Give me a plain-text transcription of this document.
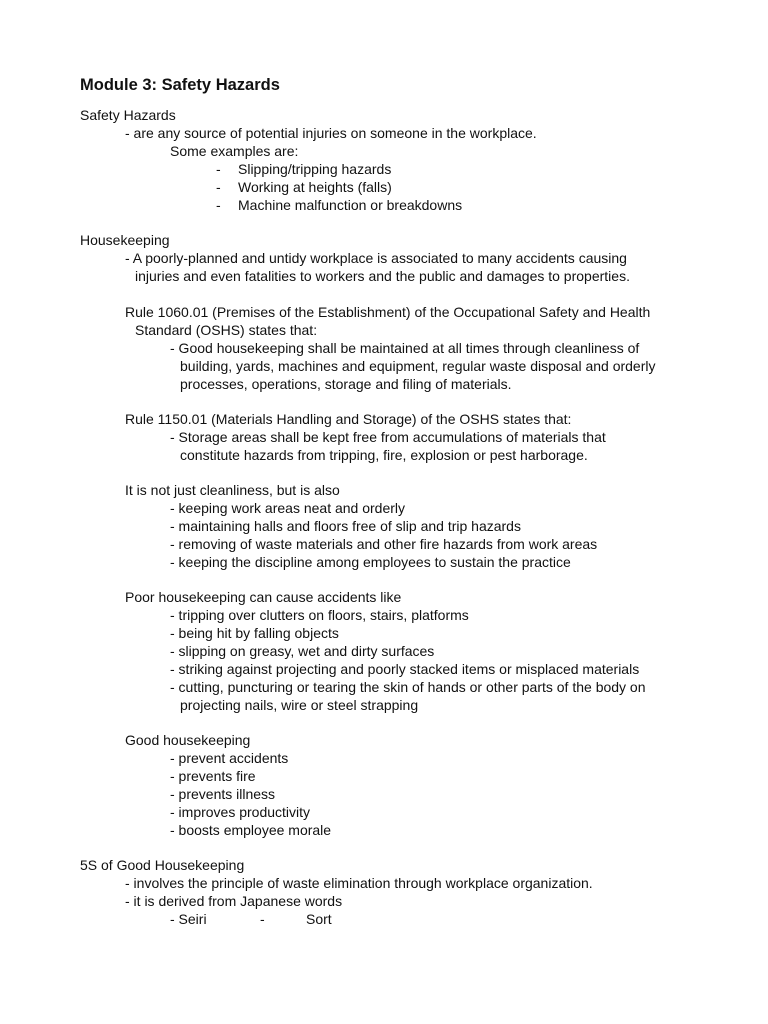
Module 3: Safety Hazards
Safety Hazards
- are any source of potential injuries on someone in the workplace.
Some examples are:
- Slipping/tripping hazards
- Working at heights (falls)
- Machine malfunction or breakdowns
Housekeeping
- A poorly-planned and untidy workplace is associated to many accidents causing
injuries and even fatalities to workers and the public and damages to properties.
Rule 1060.01 (Premises of the Establishment) of the Occupational Safety and Health
Standard (OSHS) states that:
- Good housekeeping shall be maintained at all times through cleanliness of
building, yards, machines and equipment, regular waste disposal and orderly
processes, operations, storage and filing of materials.
Rule 1150.01 (Materials Handling and Storage) of the OSHS states that:
- Storage areas shall be kept free from accumulations of materials that
constitute hazards from tripping, fire, explosion or pest harborage.
It is not just cleanliness, but is also
- keeping work areas neat and orderly
- maintaining halls and floors free of slip and trip hazards
- removing of waste materials and other fire hazards from work areas
- keeping the discipline among employees to sustain the practice
Poor housekeeping can cause accidents like
- tripping over clutters on floors, stairs, platforms
- being hit by falling objects
- slipping on greasy, wet and dirty surfaces
- striking against projecting and poorly stacked items or misplaced materials
- cutting, puncturing or tearing the skin of hands or other parts of the body on
projecting nails, wire or steel strapping
Good housekeeping
- prevent accidents
- prevents fire
- prevents illness
- improves productivity
- boosts employee morale
5S of Good Housekeeping
- involves the principle of waste elimination through workplace organization.
- it is derived from Japanese words
- Seiri	-	Sort
